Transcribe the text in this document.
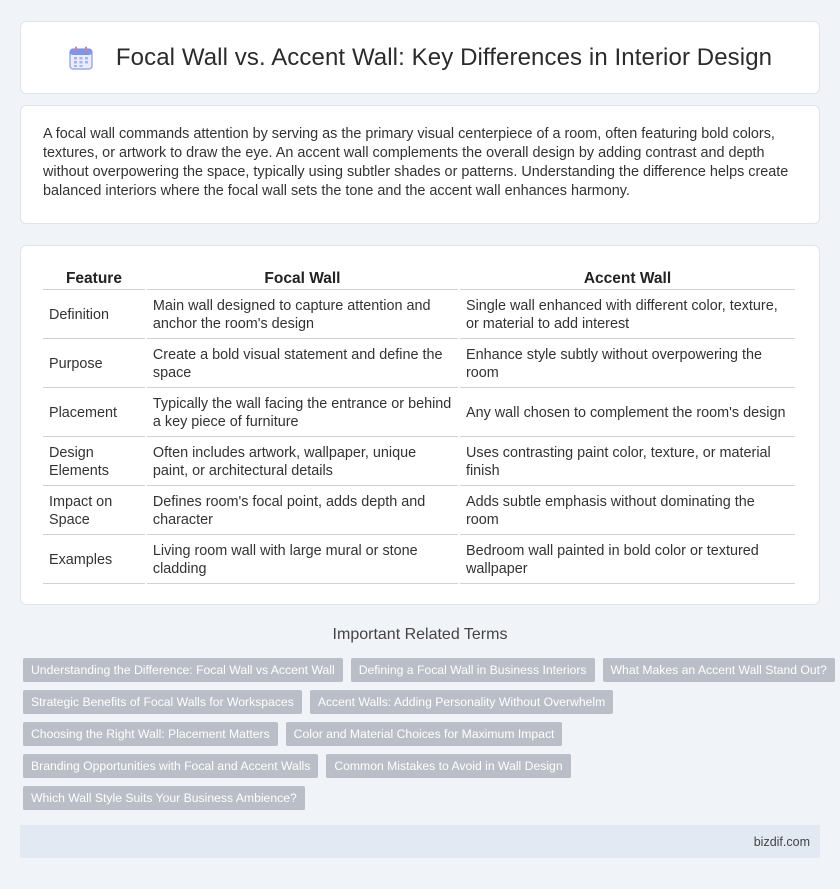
Focal Wall vs. Accent Wall: Key Differences in Interior Design

A focal wall commands attention by serving as the primary visual centerpiece of a room, often featuring bold colors, textures, or artwork to draw the eye. An accent wall complements the overall design by adding contrast and depth without overpowering the space, typically using subtler shades or patterns. Understanding the difference helps create balanced interiors where the focal wall sets the tone and the accent wall enhances harmony.

Feature	Focal Wall	Accent Wall
Definition	Main wall designed to capture attention and anchor the room's design	Single wall enhanced with different color, texture, or material to add interest
Purpose	Create a bold visual statement and define the space	Enhance style subtly without overpowering the room
Placement	Typically the wall facing the entrance or behind a key piece of furniture	Any wall chosen to complement the room's design
Design Elements	Often includes artwork, wallpaper, unique paint, or architectural details	Uses contrasting paint color, texture, or material finish
Impact on Space	Defines room's focal point, adds depth and character	Adds subtle emphasis without dominating the room
Examples	Living room wall with large mural or stone cladding	Bedroom wall painted in bold color or textured wallpaper
Important Related Terms
Understanding the Difference: Focal Wall vs Accent Wall	Defining a Focal Wall in Business Interiors	What Makes an Accent Wall Stand Out?
Strategic Benefits of Focal Walls for Workspaces	Accent Walls: Adding Personality Without Overwhelm
Choosing the Right Wall: Placement Matters	Color and Material Choices for Maximum Impact
Branding Opportunities with Focal and Accent Walls	Common Mistakes to Avoid in Wall Design
Which Wall Style Suits Your Business Ambience?
bizdif.com
